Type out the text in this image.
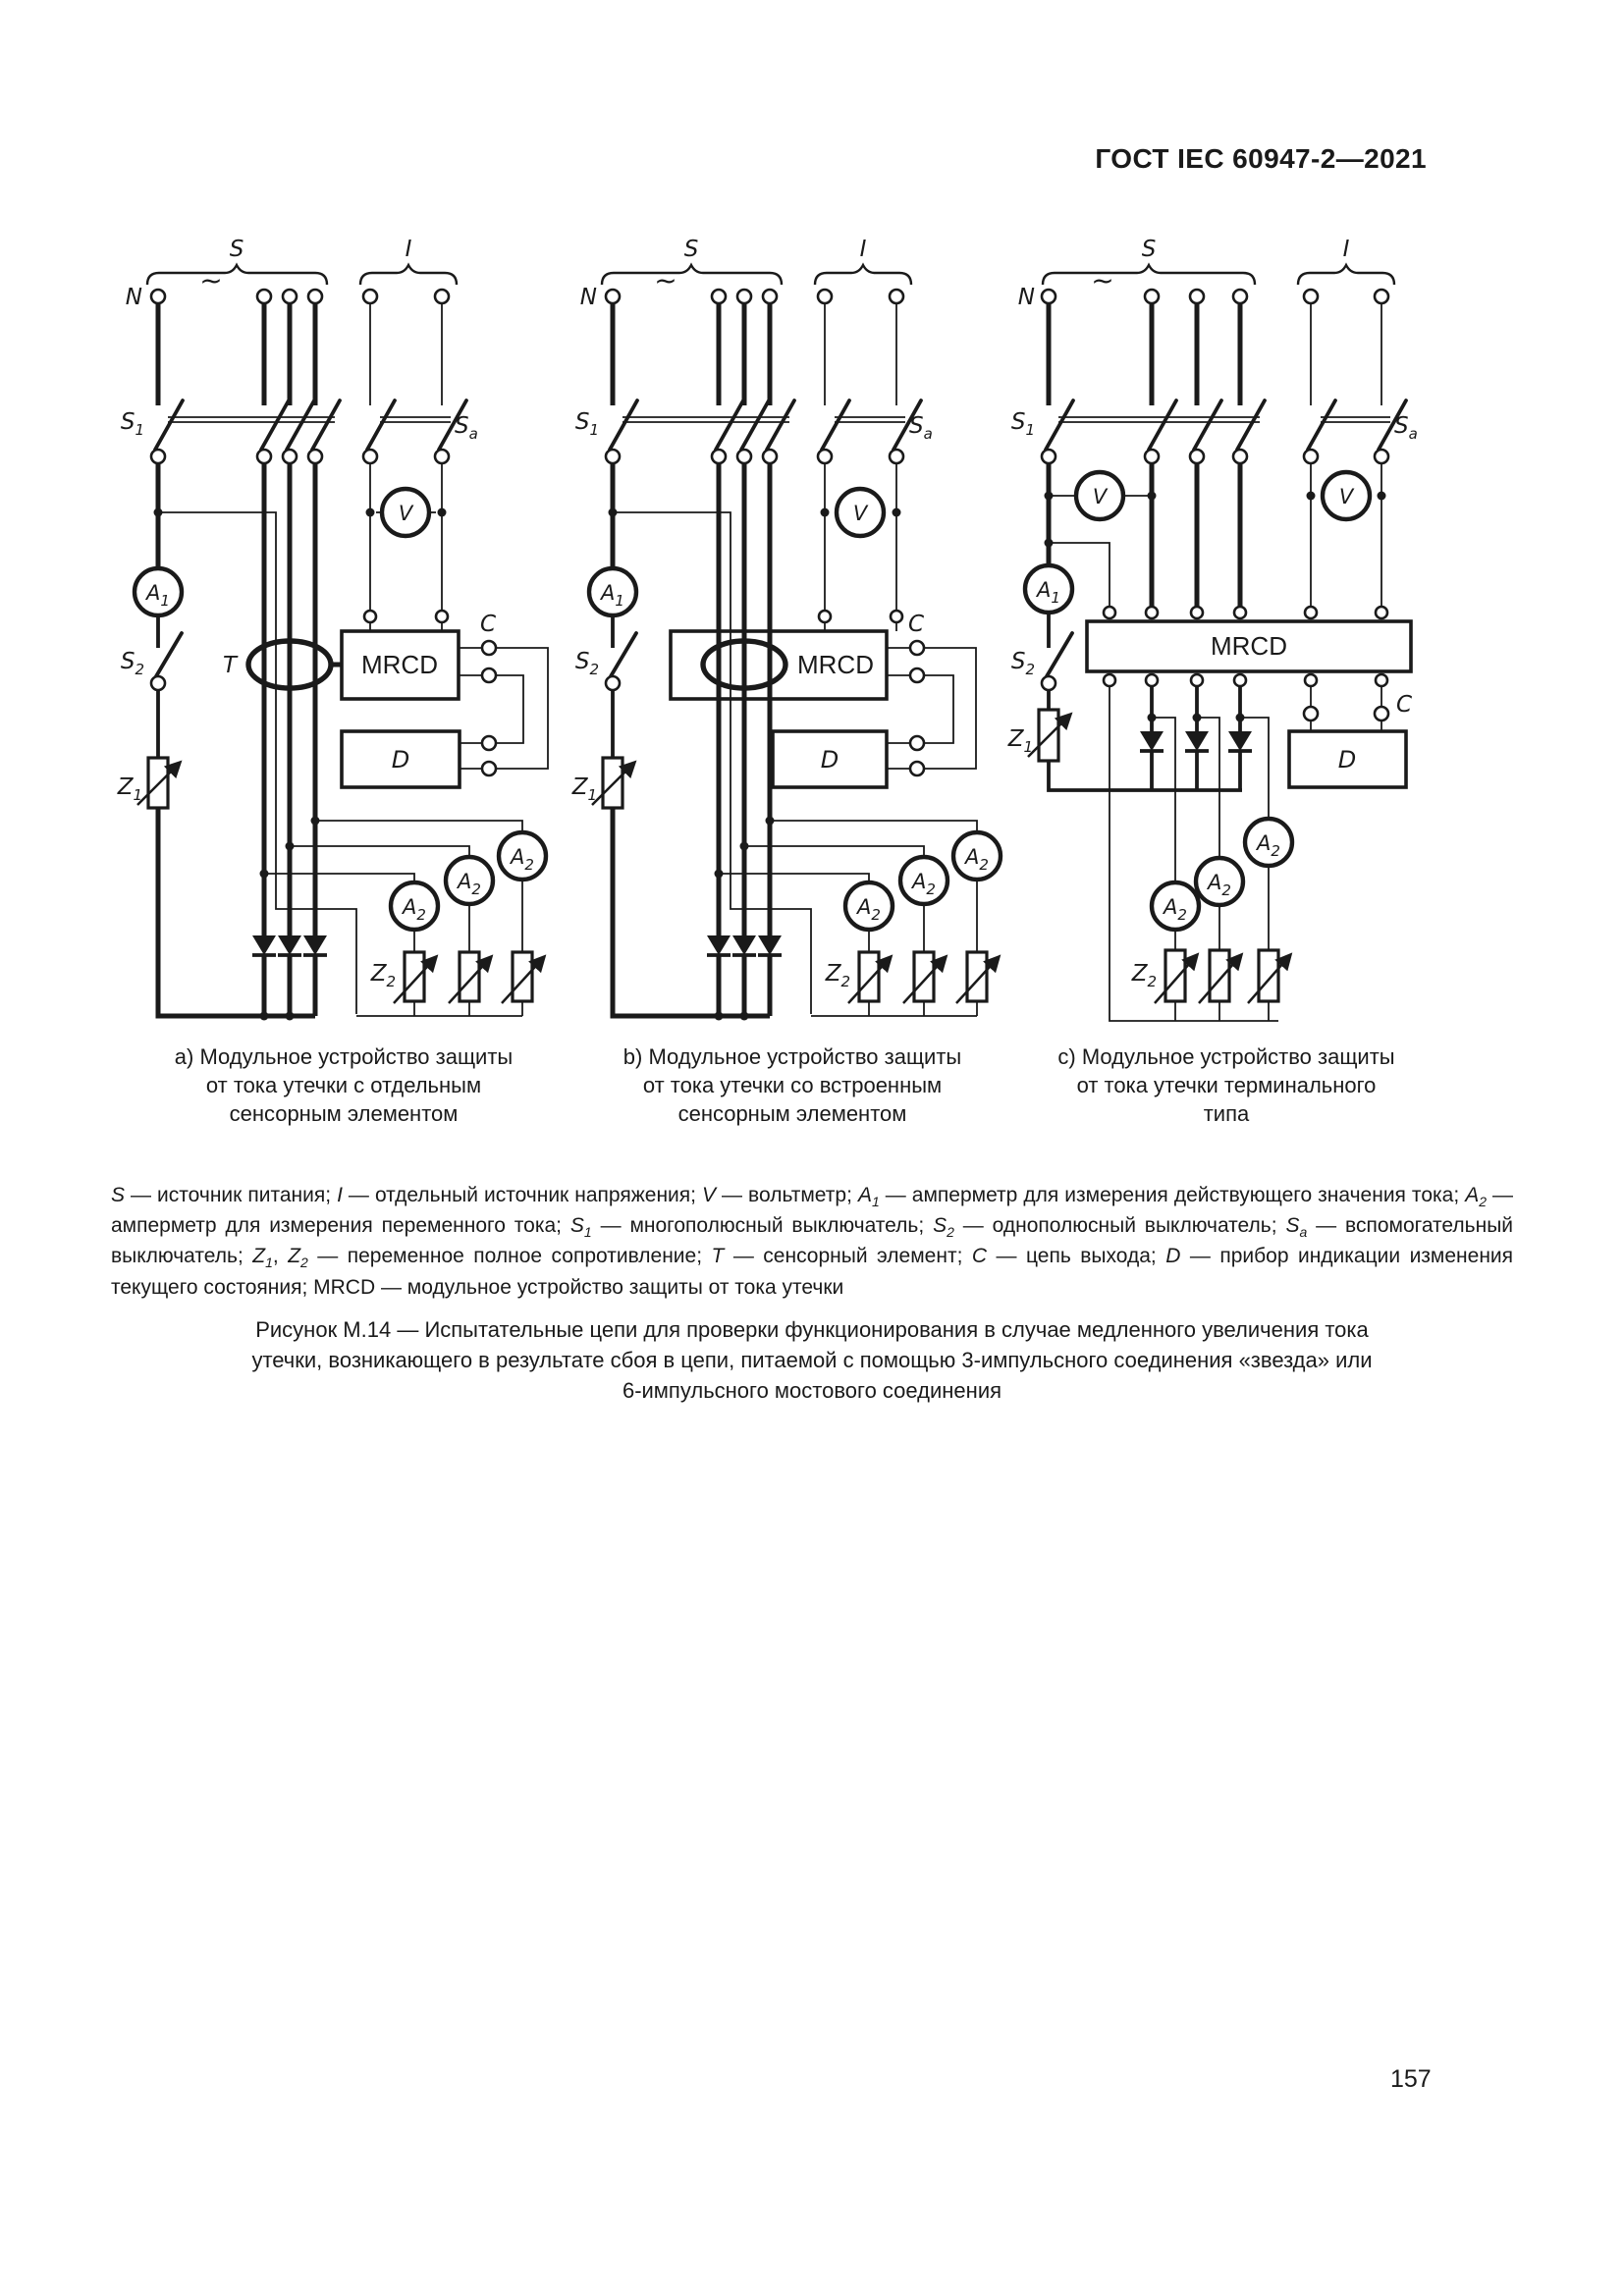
ГОСТ IEC 60947-2—2021
S
~
I
N
$S_1$	$S_a$
V
$A_1$
$S_2$
$Z_1$
T	MRCD
C
D
$A_2$
$A_2$
$A_2$
$Z_2$
S
~
I
N
$S_1$	$S_a$
V
MRCD
$A_1$
$S_2$
$Z_1$
C
D
$A_2$
$A_2$
$A_2$
$Z_2$
S
~
I
N
$S_1$	$S_a$
V	V
$A_1$
$S_2$
$Z_1$
MRCD
$A_2$
$A_2$
$A_2$
$Z_2$
C
D
a) Модульное устройство защиты
от тока утечки с отдельным
сенсорным элементом
b) Модульное устройство защиты
от тока утечки со встроенным
сенсорным элементом
c) Модульное устройство защиты
от тока утечки терминального
типа
S — источник питания; I — отдельный источник напряжения; V — вольтметр; $A_1$ — амперметр для измерения действующего значения тока; $A_2$ — амперметр для измерения переменного тока; $S_1$ — многополюсный выключатель; $S_2$ — однополюсный выключатель; $S_a$ — вспомогательный выключатель; $Z_1$, $Z_2$ — переменное полное сопротивление; T — сенсорный элемент; C — цепь выхода; D — прибор индикации изменения текущего состояния; MRCD — модульное устройство защиты от тока утечки
Рисунок М.14 — Испытательные цепи для проверки функционирования в случае медленного увеличения тока
утечки, возникающего в результате сбоя в цепи, питаемой с помощью 3-импульсного соединения «звезда» или
6-импульсного мостового соединения
157
